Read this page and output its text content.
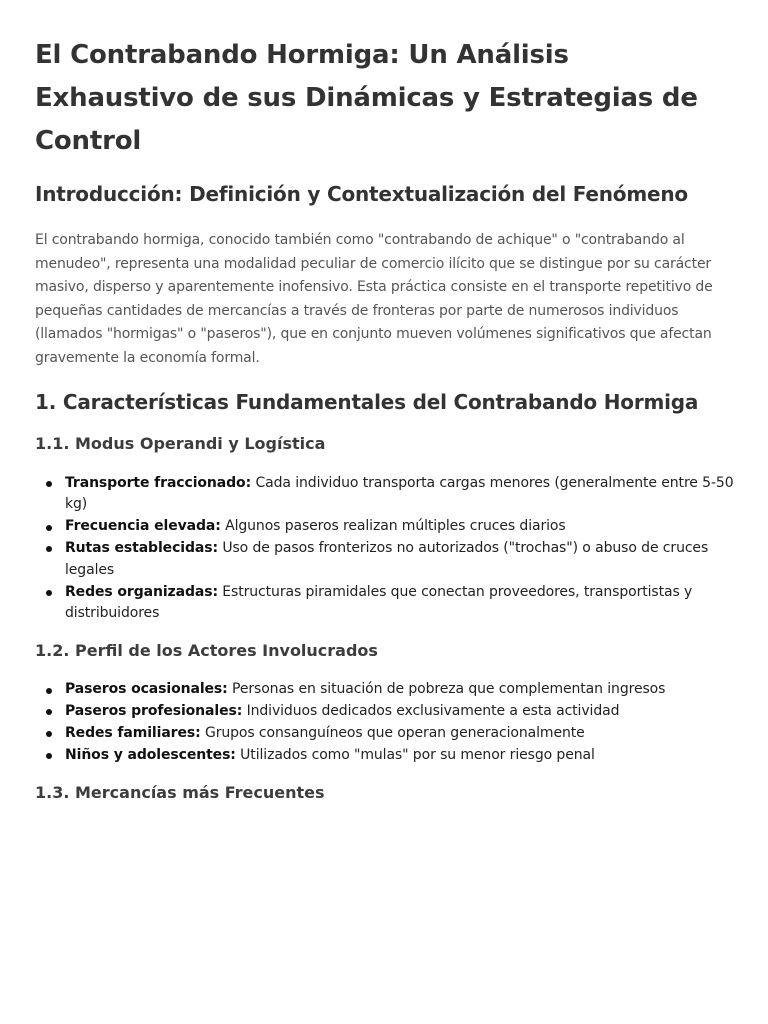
El Contrabando Hormiga: Un Análisis Exhaustivo de sus Dinámicas y Estrategias de Control
Introducción: Definición y Contextualización del Fenómeno

El contrabando hormiga, conocido también como "contrabando de achique" o "contrabando al menudeo", representa una modalidad peculiar de comercio ilícito que se distingue por su carácter masivo, disperso y aparentemente inofensivo. Esta práctica consiste en el transporte repetitivo de pequeñas cantidades de mercancías a través de fronteras por parte de numerosos individuos (llamados "hormigas" o "paseros"), que en conjunto mueven volúmenes significativos que afectan gravemente la economía formal.

1. Características Fundamentales del Contrabando Hormiga
1.1. Modus Operandi y Logística
Transporte fraccionado: Cada individuo transporta cargas menores (generalmente entre 5-50 kg)
Frecuencia elevada: Algunos paseros realizan múltiples cruces diarios
Rutas establecidas: Uso de pasos fronterizos no autorizados ("trochas") o abuso de cruces legales
Redes organizadas: Estructuras piramidales que conectan proveedores, transportistas y distribuidores
1.2. Perfil de los Actores Involucrados
Paseros ocasionales: Personas en situación de pobreza que complementan ingresos
Paseros profesionales: Individuos dedicados exclusivamente a esta actividad
Redes familiares: Grupos consanguíneos que operan generacionalmente
Niños y adolescentes: Utilizados como "mulas" por su menor riesgo penal
1.3. Mercancías más Frecuentes
